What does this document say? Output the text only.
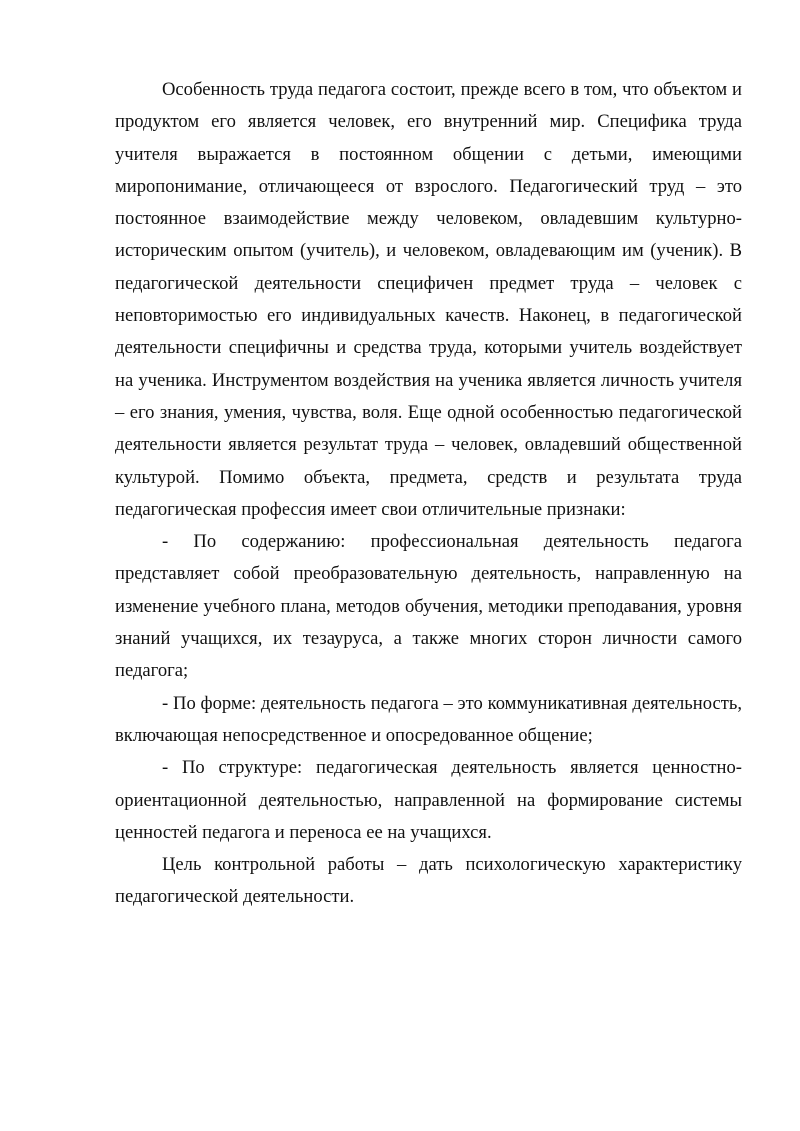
Особенность труда педагога состоит, прежде всего в том, что объектом и продуктом его является человек, его внутренний мир. Специфика труда учителя выражается в постоянном общении с детьми, имеющими миропонимание, отличающееся от взрослого. Педагогический труд – это постоянное взаимодействие между человеком, овладевшим культурно-историческим опытом (учитель), и человеком, овладевающим им (ученик). В педагогической деятельности специфичен предмет труда – человек с неповторимостью его индивидуальных качеств. Наконец, в педагогической деятельности специфичны и средства труда, которыми учитель воздействует на ученика. Инструментом воздействия на ученика является личность учителя – его знания, умения, чувства, воля. Еще одной особенностью педагогической деятельности является результат труда – человек, овладевший общественной культурой. Помимо объекта, предмета, средств и результата труда педагогическая профессия имеет свои отличительные признаки:

- По содержанию: профессиональная деятельность педагога представляет собой преобразовательную деятельность, направленную на изменение учебного плана, методов обучения, методики преподавания, уровня знаний учащихся, их тезауруса, а также многих сторон личности самого педагога;

- По форме: деятельность педагога – это коммуникативная деятельность, включающая непосредственное и опосредованное общение;

- По структуре: педагогическая деятельность является ценностно-ориентационной деятельностью, направленной на формирование системы ценностей педагога и переноса ее на учащихся.

Цель контрольной работы – дать психологическую характеристику педагогической деятельности.
